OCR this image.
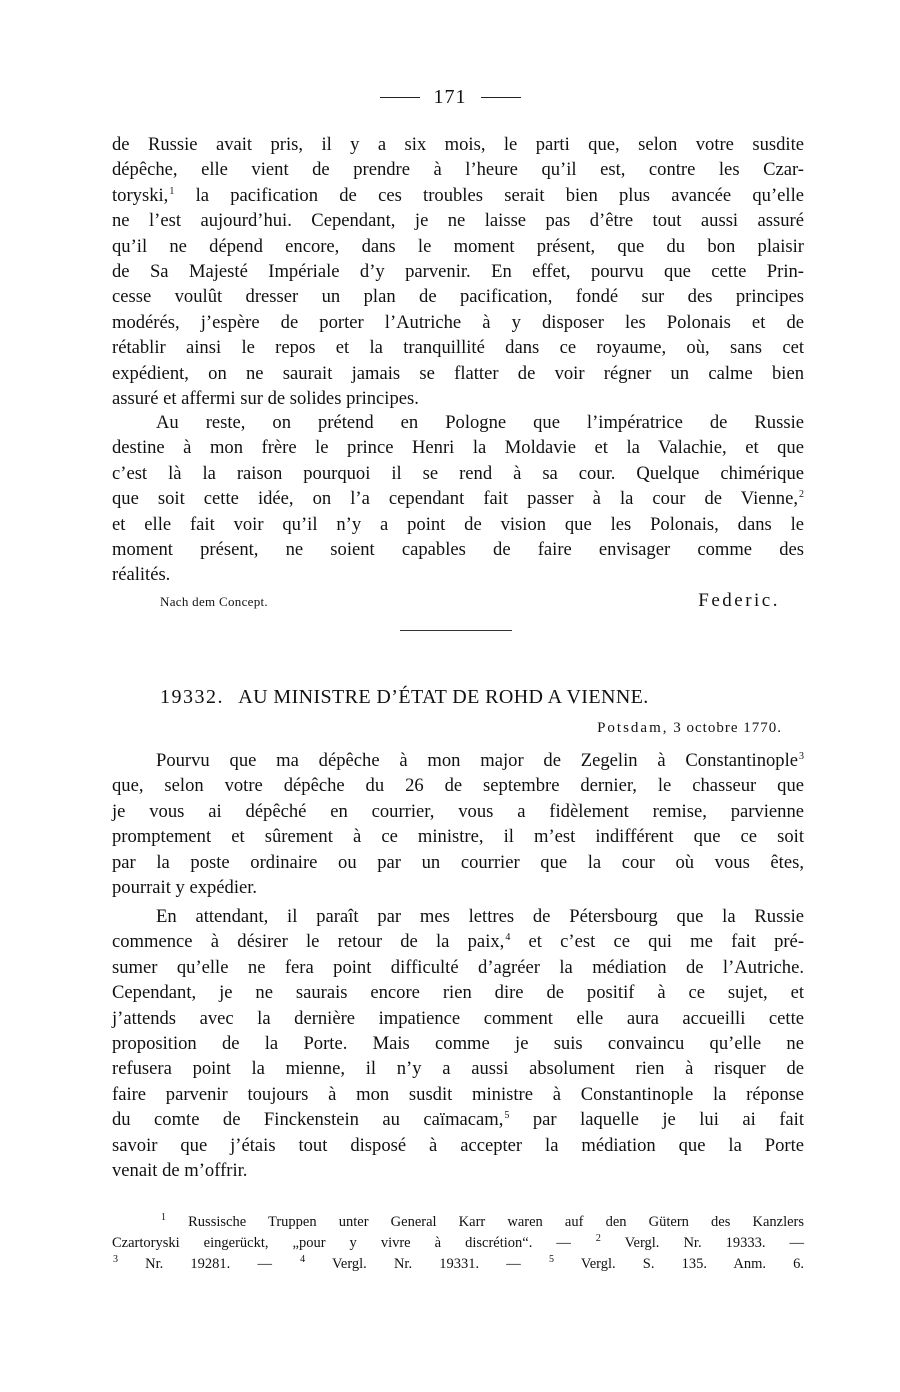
171
de Russie avait pris, il y a six mois, le parti que, selon votre susdite
dépêche, elle vient de prendre à l’heure qu’il est, contre les Czar-
toryski,$^1$ la pacification de ces troubles serait bien plus avancée qu’elle
ne l’est aujourd’hui. Cependant, je ne laisse pas d’être tout aussi assuré
qu’il ne dépend encore, dans le moment présent, que du bon plaisir
de Sa Majesté Impériale d’y parvenir. En effet, pourvu que cette Prin-
cesse voulût dresser un plan de pacification, fondé sur des principes
modérés, j’espère de porter l’Autriche à y disposer les Polonais et de
rétablir ainsi le repos et la tranquillité dans ce royaume, où, sans cet
expédient, on ne saurait jamais se flatter de voir régner un calme bien
assuré et affermi sur de solides principes.
Au reste, on prétend en Pologne que l’impératrice de Russie
destine à mon frère le prince Henri la Moldavie et la Valachie, et que
c’est là la raison pourquoi il se rend à sa cour. Quelque chimérique
que soit cette idée, on l’a cependant fait passer à la cour de Vienne,$^2$
et elle fait voir qu’il n’y a point de vision que les Polonais, dans le
moment présent, ne soient capables de faire envisager comme des
réalités.
Nach dem Concept.	Federic.
19332. AU MINISTRE D’ÉTAT DE ROHD A VIENNE.
Potsdam, 3 octobre 1770.
Pourvu que ma dépêche à mon major de Zegelin à Constantinople$^3$
que, selon votre dépêche du 26 de septembre dernier, le chasseur que
je vous ai dépêché en courrier, vous a fidèlement remise, parvienne
promptement et sûrement à ce ministre, il m’est indifférent que ce soit
par la poste ordinaire ou par un courrier que la cour où vous êtes,
pourrait y expédier.
En attendant, il paraît par mes lettres de Pétersbourg que la Russie
commence à désirer le retour de la paix,$^4$ et c’est ce qui me fait pré-
sumer qu’elle ne fera point difficulté d’agréer la médiation de l’Autriche.
Cependant, je ne saurais encore rien dire de positif à ce sujet, et
j’attends avec la dernière impatience comment elle aura accueilli cette
proposition de la Porte. Mais comme je suis convaincu qu’elle ne
refusera point la mienne, il n’y a aussi absolument rien à risquer de
faire parvenir toujours à mon susdit ministre à Constantinople la réponse
du comte de Finckenstein au caïmacam,$^5$ par laquelle je lui ai fait
savoir que j’étais tout disposé à accepter la médiation que la Porte
venait de m’offrir.
$^1$ Russische Truppen unter General Karr waren auf den Gütern des Kanzlers
Czartoryski eingerückt, „pour y vivre à discrétion“. —	$^2$ Vergl. Nr. 19333. —
$^3$ Nr. 19281. —	$^4$ Vergl. Nr. 19331. —	$^5$ Vergl. S. 135. Anm. 6.
